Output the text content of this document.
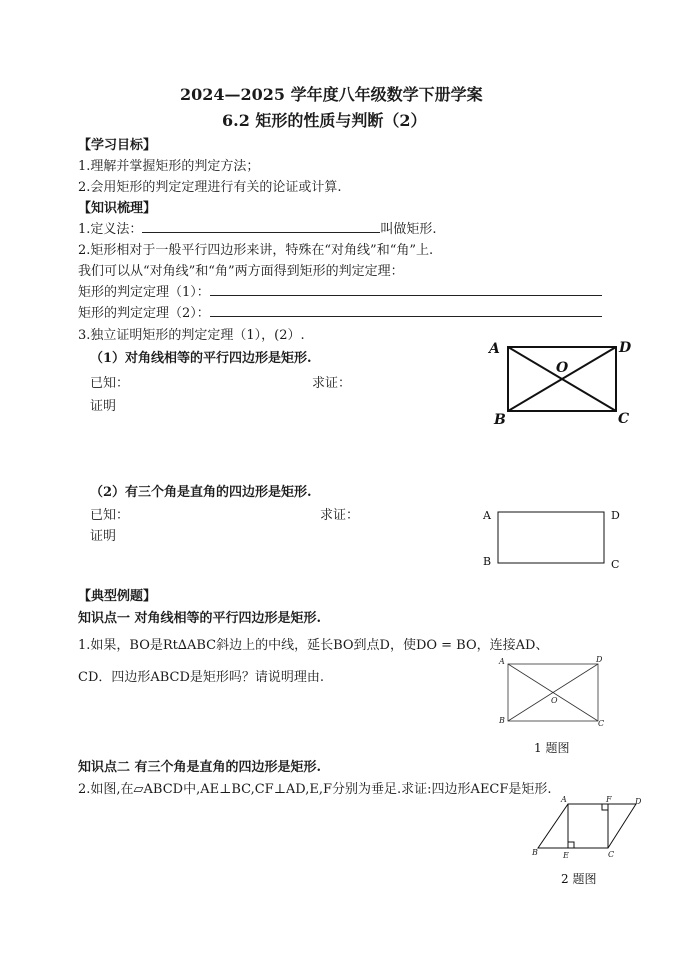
2024—2025 学年度八年级数学下册学案
6.2 矩形的性质与判断（2）
【学习目标】
1.理解并掌握矩形的判定方法；
2.会用矩形的判定定理进行有关的论证或计算.
【知识梳理】
1.定义法：	叫做矩形.
2.矩形相对于一般平行四边形来讲，特殊在“对角线”和“角”上.
我们可以从“对角线”和“角”两方面得到矩形的判定定理：
矩形的判定定理（1）：
矩形的判定定理（2）：
3.独立证明矩形的判定定理（1），(2）.
（1）对角线相等的平行四边形是矩形.
已知：	求证：
证明
A	D
B	C
O
（2）有三个角是直角的四边形是矩形.
已知：	求证：
证明
A	D
B	C
【典型例题】
知识点一 对角线相等的平行四边形是矩形.
1.如果，BO是Rt∆ABC斜边上的中线，延长BO到点D，使DO = BO，连接AD、
CD．四边形ABCD是矩形吗？请说明理由.
A	D
B	C
O
1 题图
知识点二 有三个角是直角的四边形是矩形.
2.如图,在▱ABCD中,AE⊥BC,CF⊥AD,E,F分别为垂足.求证:四边形AECF是矩形.
A	F	D
B	E	C
2 题图
